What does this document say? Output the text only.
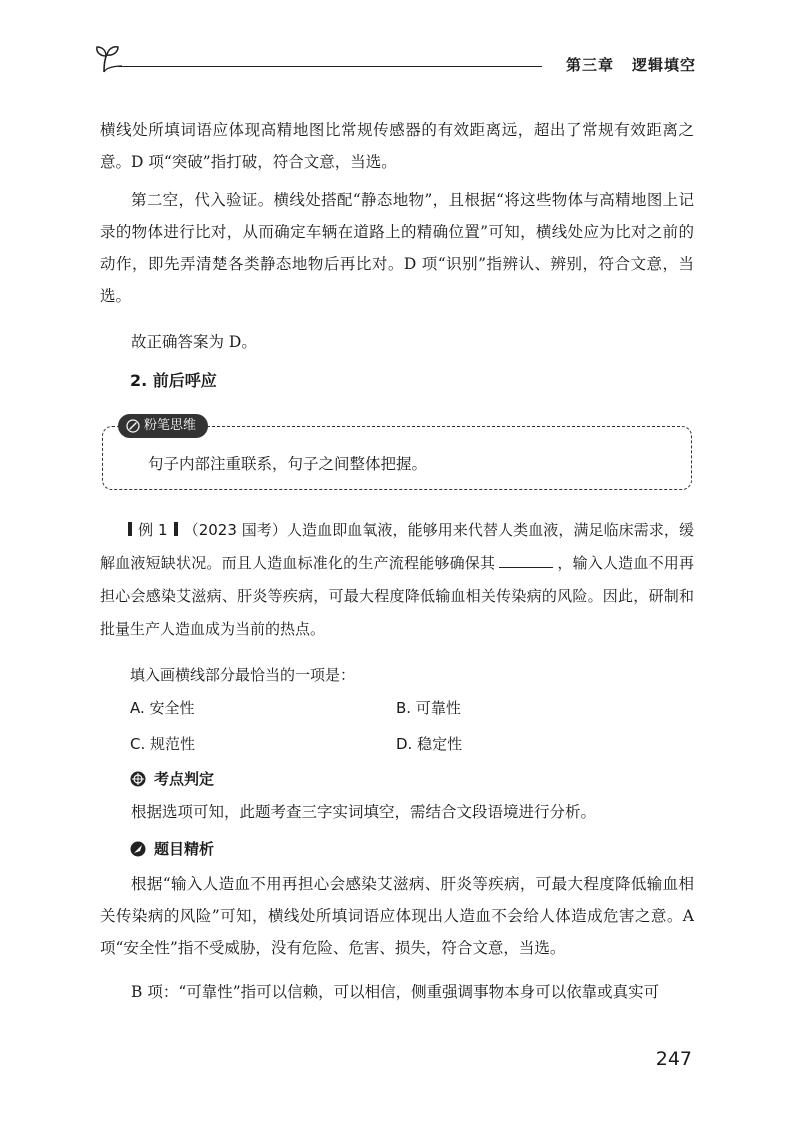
第三章 逻辑填空

横线处所填词语应体现高精地图比常规传感器的有效距离远，超出了常规有效距离之意。D 项“突破”指打破，符合文意，当选。

第二空，代入验证。横线处搭配“静态地物”，且根据“将这些物体与高精地图上记录的物体进行比对，从而确定车辆在道路上的精确位置”可知，横线处应为比对之前的动作，即先弄清楚各类静态地物后再比对。D 项“识别”指辨认、辨别，符合文意，当选。

故正确答案为 D。

2. 前后呼应
粉笔思维
句子内部注重联系，句子之间整体把握。

例 1 （2023 国考）人造血即血氧液，能够用来代替人类血液，满足临床需求，缓解血液短缺状况。而且人造血标准化的生产流程能够确保其	，输入人造血不用再担心会感染艾滋病、肝炎等疾病，可最大程度降低输血相关传染病的风险。因此，研制和批量生产人造血成为当前的热点。

填入画横线部分最恰当的一项是：
A. 安全性	B. 可靠性
C. 规范性	D. 稳定性
考点判定

根据选项可知，此题考查三字实词填空，需结合文段语境进行分析。

题目精析

根据“输入人造血不用再担心会感染艾滋病、肝炎等疾病，可最大程度降低输血相关传染病的风险”可知，横线处所填词语应体现出人造血不会给人体造成危害之意。A 项“安全性”指不受威胁，没有危险、危害、损失，符合文意，当选。

B 项：“可靠性”指可以信赖，可以相信，侧重强调事物本身可以依靠或真实可

247
